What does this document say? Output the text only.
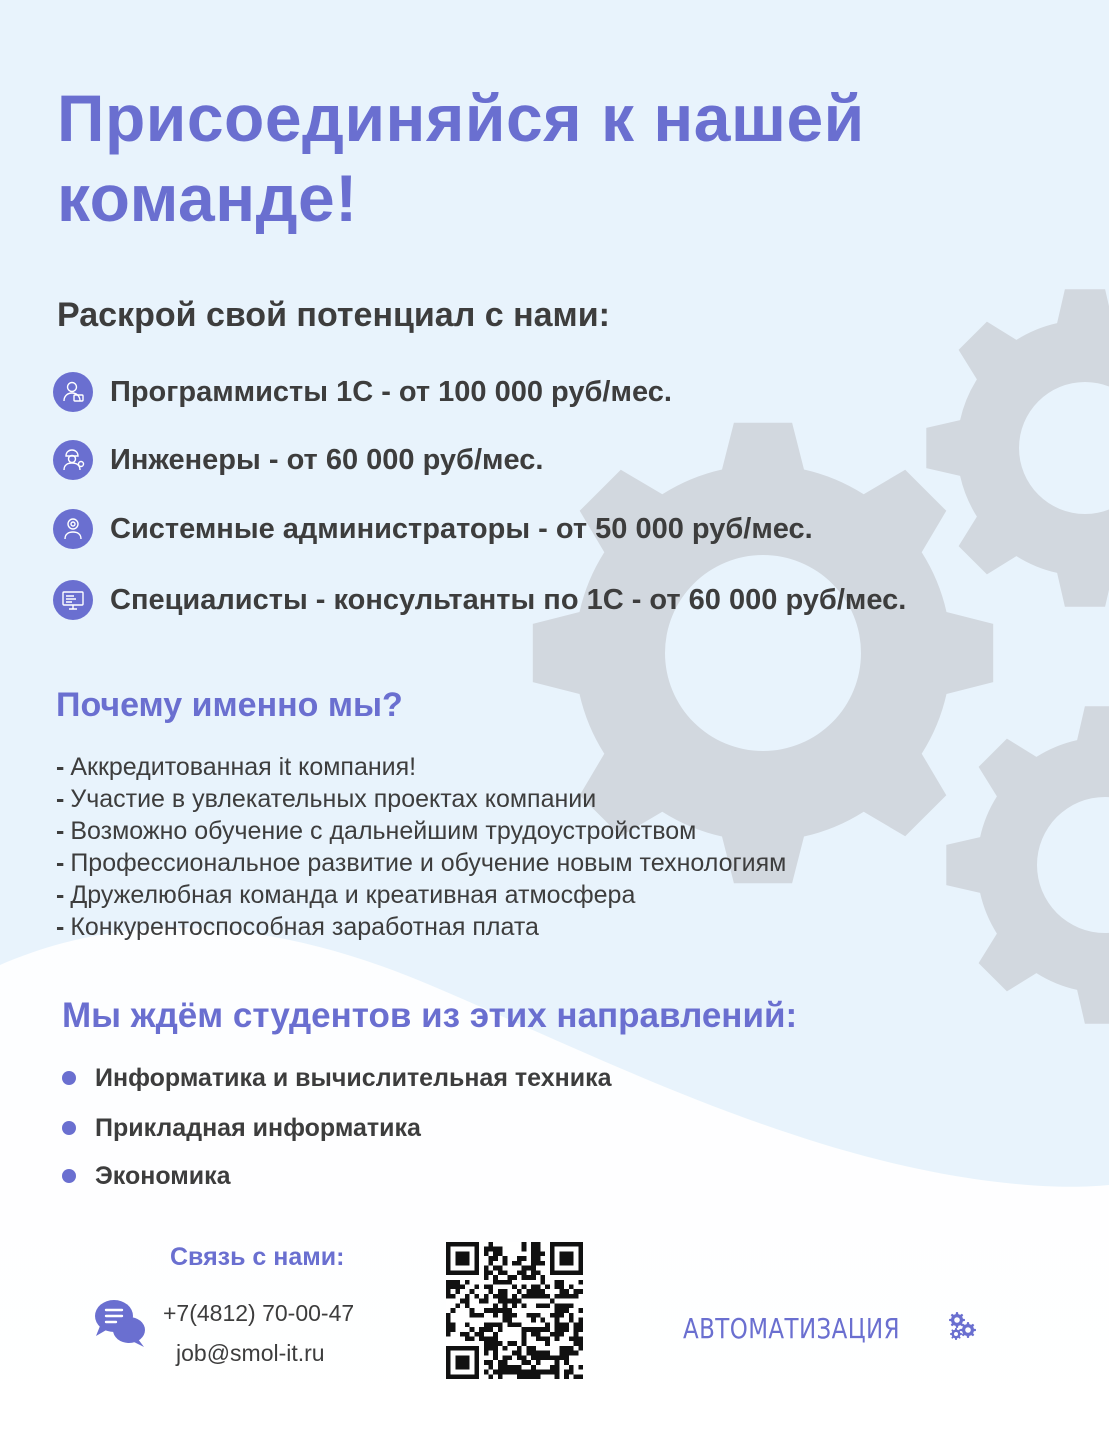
Присоединяйся к нашей
команде!
Раскрой свой потенциал с нами:
Программисты 1С - от 100 000 руб/мес.
Инженеры - от 60 000 руб/мес.
Системные администраторы - от 50 000 руб/мес.
Специалисты - консультанты по 1С - от 60 000 руб/мес.
Почему именно мы?
- Аккредитованная it компания!
- Участие в увлекательных проектах компании
- Возможно обучение с дальнейшим трудоустройством
- Профессиональное развитие и обучение новым технологиям
- Дружелюбная команда и креативная атмосфера
- Конкурентоспособная заработная плата
Мы ждём студентов из этих направлений:
Информатика и вычислительная техника
Прикладная информатика
Экономика
Связь с нами:
+7(4812) 70-00-47
job@smol-it.ru
АВТОМАТИЗАЦИЯ
